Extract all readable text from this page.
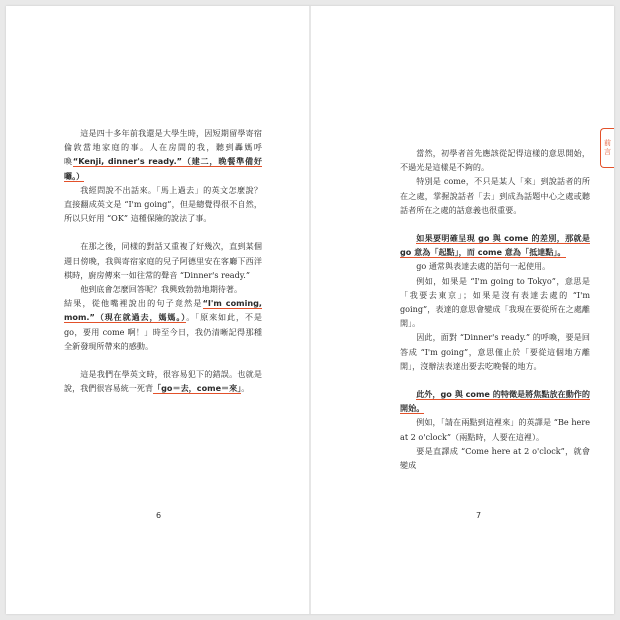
這是四十多年前我還是大學生時，因短期留學寄宿倫敦當地家庭的事。人在房間的我，聽到轟媽呼喚“Kenji, dinner's ready.”（建二，晚餐準備好囉。）

我經問說不出話來。「馬上過去」的英文怎麼說？直接翻成英文是 “I'm going”，但是總覺得很不自然，所以只好用 “OK” 這種保險的說法了事。

在那之後，同樣的對話又重複了好幾次，直到某個週日傍晚，我與寄宿家庭的兒子阿德里安在客廳下西洋棋時，廚房傳來一如往常的聲音 “Dinner's ready.”

他到底會怎麼回答呢？我興致勃勃地期待著。

結果，從他嘴裡說出的句子竟然是“I'm coming, mom.”（現在就過去，媽媽。）。「原來如此，不是 go，要用 come 啊！」時至今日，我仍清晰記得那種全新發現所帶來的感動。

這是我們在學英文時，很容易犯下的錯誤。也就是說，我們很容易統一死背「go＝去，come＝來」。

6
前言

當然，初學者首先應該從記得這樣的意思開始，不過光是這樣是不夠的。

特別是 come，不只是某人「來」到說話者的所在之處，掌握說話者「去」到成為話題中心之處或聽話者所在之處的話意義也很重要。

如果要明確呈現 go 與 come 的差別，那就是 go 意為「起點」，而 come 意為「抵達點」。

go 通常與表達去處的語句一起使用。

例如，如果是 “I'm going to Tokyo”，意思是「我要去東京」；如果是沒有表達去處的 “I'm going”，表達的意思會變成「我現在要從所在之處離開」。

因此，面對 “Dinner's ready.” 的呼喚，要是回答成 “I'm going”，意思僅止於「要從這個地方離開」，沒辦法表達出要去吃晚餐的地方。

此外，go 與 come 的特徵是將焦點放在動作的開始。

例如，「請在兩點到這裡來」的英譯是 “Be here at 2 o'clock”（兩點時，人要在這裡）。

要是直譯成 “Come here at 2 o'clock”，就會變成

7
